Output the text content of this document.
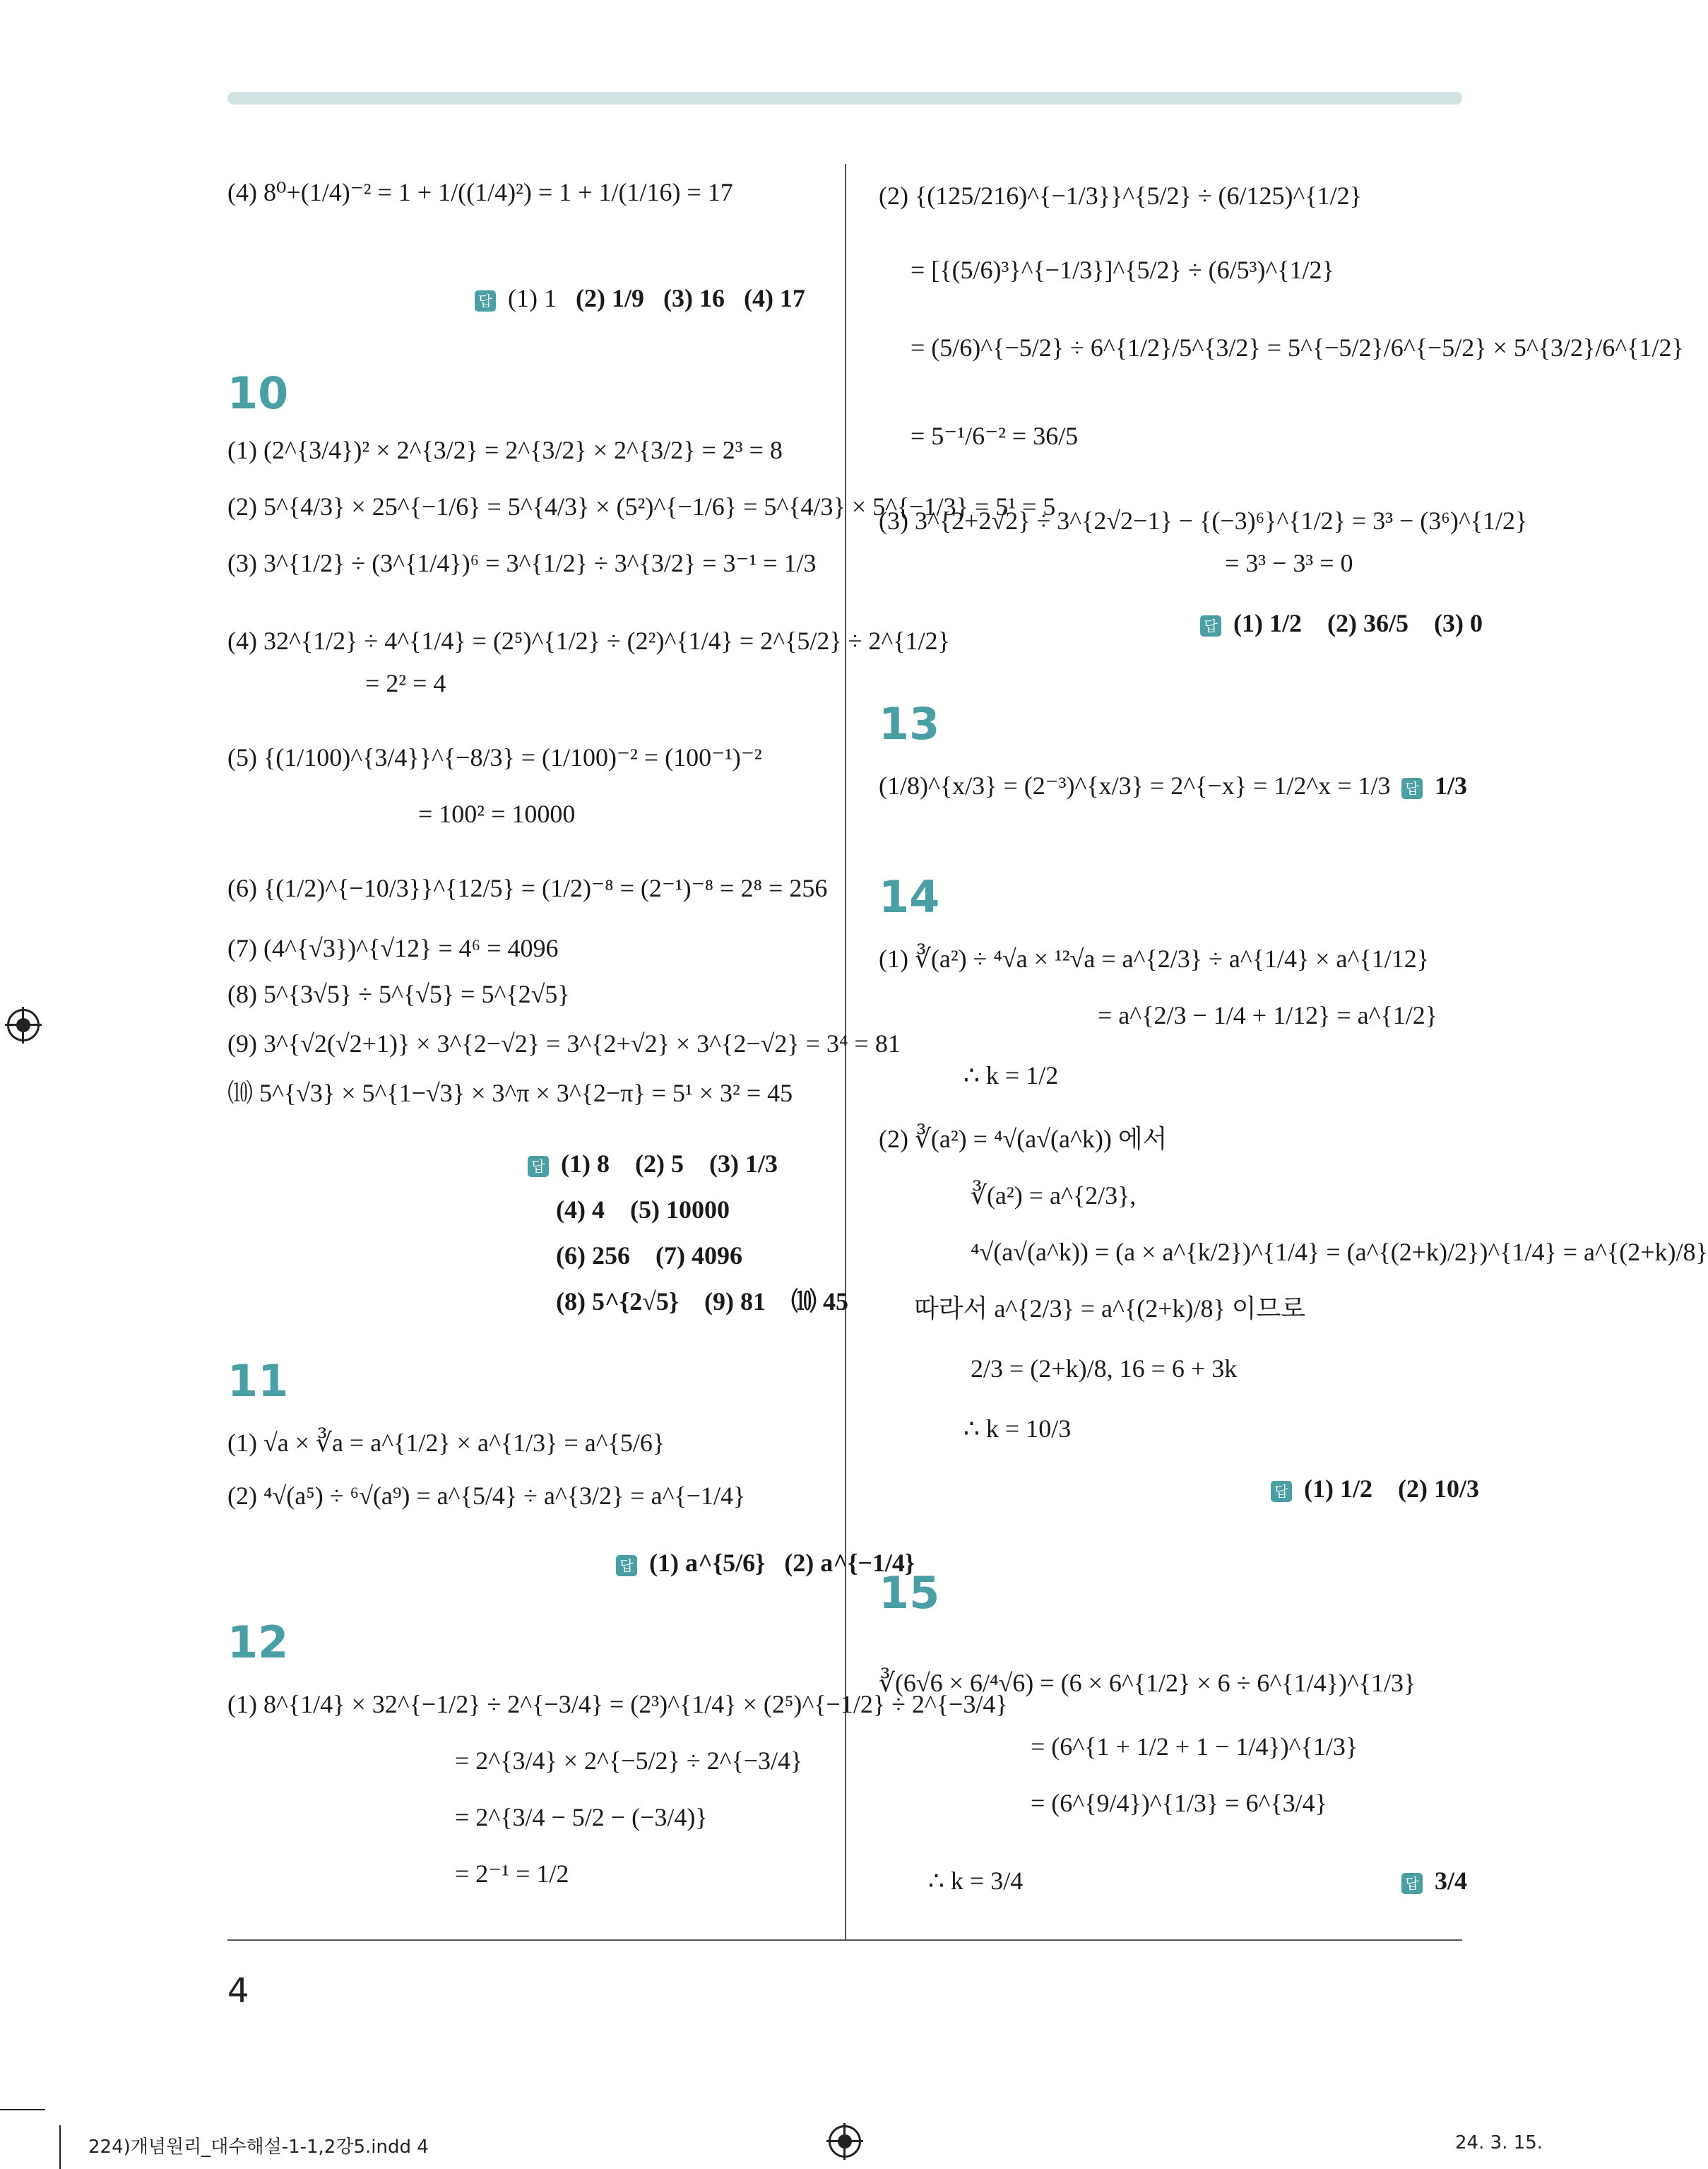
(4) 8⁰+(1/4)⁻² = 1 + 1/((1/4)²) = 1 + 1/(1/16) = 17
답 (1) 1 (2) 1/9 (3) 16 (4) 17
10
(1) (2^{3/4})² × 2^{3/2} = 2^{3/2} × 2^{3/2} = 2³ = 8
(2) 5^{4/3} × 25^{−1/6} = 5^{4/3} × (5²)^{−1/6} = 5^{4/3} × 5^{−1/3} = 5¹ = 5
(3) 3^{1/2} ÷ (3^{1/4})⁶ = 3^{1/2} ÷ 3^{3/2} = 3⁻¹ = 1/3
(4) 32^{1/2} ÷ 4^{1/4} = (2⁵)^{1/2} ÷ (2²)^{1/4} = 2^{5/2} ÷ 2^{1/2}
= 2² = 4
(5) {(1/100)^{3/4}}^{−8/3} = (1/100)⁻² = (100⁻¹)⁻²
= 100² = 10000
(6) {(1/2)^{−10/3}}^{12/5} = (1/2)⁻⁸ = (2⁻¹)⁻⁸ = 2⁸ = 256
(7) (4^{√3})^{√12} = 4⁶ = 4096
(8) 5^{3√5} ÷ 5^{√5} = 5^{2√5}
(9) 3^{√2(√2+1)} × 3^{2−√2} = 3^{2+√2} × 3^{2−√2} = 3⁴ = 81
⑽ 5^{√3} × 5^{1−√3} × 3^π × 3^{2−π} = 5¹ × 3² = 45
답 (1) 8 (2) 5 (3) 1/3
(4) 4 (5) 10000
(6) 256 (7) 4096
(8) 5^{2√5} (9) 81 ⑽ 45
11
(1) √a × ∛a = a^{1/2} × a^{1/3} = a^{5/6}
(2) ⁴√(a⁵) ÷ ⁶√(a⁹) = a^{5/4} ÷ a^{3/2} = a^{−1/4}
답 (1) a^{5/6} (2) a^{−1/4}
12
(1) 8^{1/4} × 32^{−1/2} ÷ 2^{−3/4} = (2³)^{1/4} × (2⁵)^{−1/2} ÷ 2^{−3/4}
= 2^{3/4} × 2^{−5/2} ÷ 2^{−3/4}
= 2^{3/4 − 5/2 − (−3/4)}
= 2⁻¹ = 1/2
(2) {(125/216)^{−1/3}}^{5/2} ÷ (6/125)^{1/2}
= [{(5/6)³}^{−1/3}]^{5/2} ÷ (6/5³)^{1/2}
= (5/6)^{−5/2} ÷ 6^{1/2}/5^{3/2} = 5^{−5/2}/6^{−5/2} × 5^{3/2}/6^{1/2}
= 5⁻¹/6⁻² = 36/5
(3) 3^{2+2√2} ÷ 3^{2√2−1} − {(−3)⁶}^{1/2} = 3³ − (3⁶)^{1/2}
= 3³ − 3³ = 0
답 (1) 1/2 (2) 36/5 (3) 0
13
(1/8)^{x/3} = (2⁻³)^{x/3} = 2^{−x} = 1/2^x = 1/3 답 1/3
14
(1) ∛(a²) ÷ ⁴√a × ¹²√a = a^{2/3} ÷ a^{1/4} × a^{1/12}
= a^{2/3 − 1/4 + 1/12} = a^{1/2}
∴ k = 1/2
(2) ∛(a²) = ⁴√(a√(a^k)) 에서
∛(a²) = a^{2/3},
⁴√(a√(a^k)) = (a × a^{k/2})^{1/4} = (a^{(2+k)/2})^{1/4} = a^{(2+k)/8}
따라서 a^{2/3} = a^{(2+k)/8} 이므로
2/3 = (2+k)/8, 16 = 6 + 3k
∴ k = 10/3
답 (1) 1/2 (2) 10/3
15
∛(6√6 × 6/⁴√6) = (6 × 6^{1/2} × 6 ÷ 6^{1/4})^{1/3}
= (6^{1 + 1/2 + 1 − 1/4})^{1/3}
= (6^{9/4})^{1/3} = 6^{3/4}
∴ k = 3/4	답 3/4
4
224)개념원리_대수해설-1-1,2강5.indd 4	24. 3. 15.
